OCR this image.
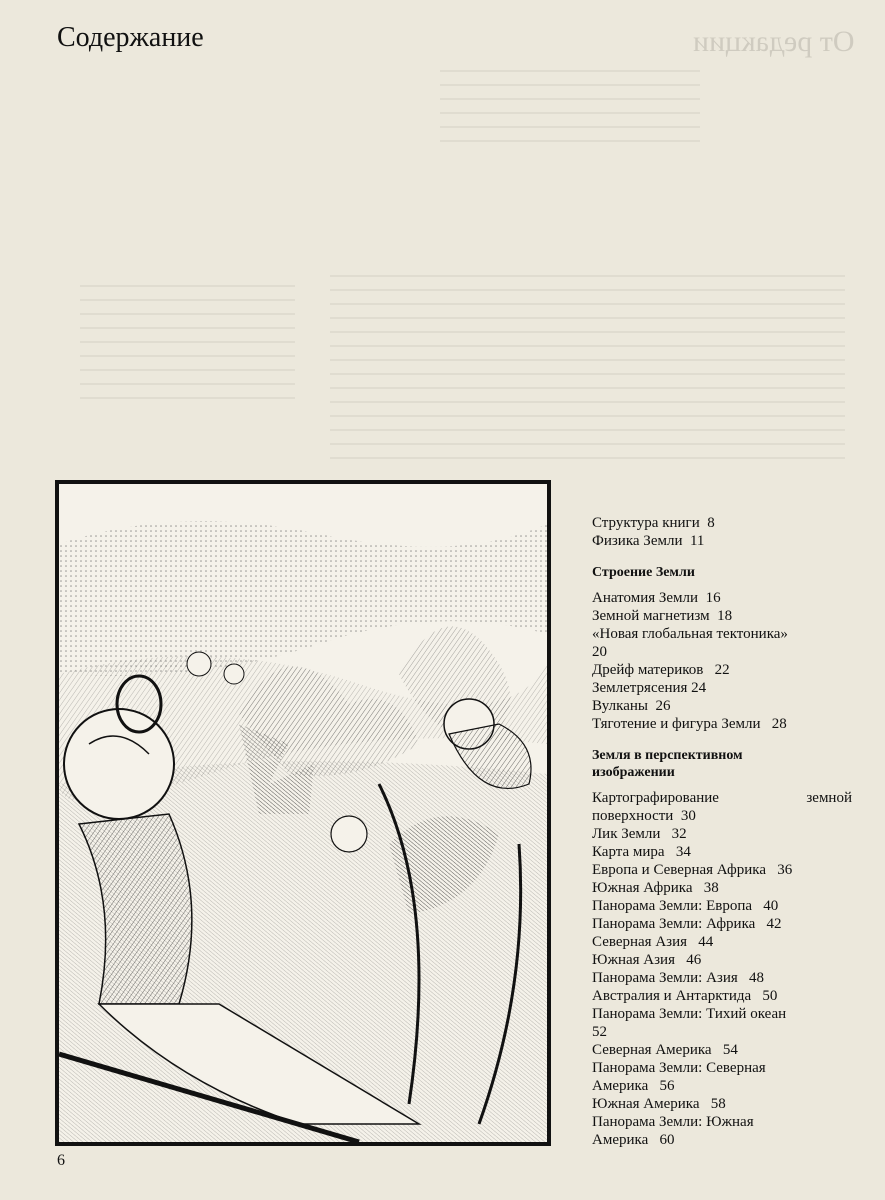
От редакции
Содержание

Структура книги 8

Физика Земли 11

Строение Земли

Анатомия Земли 16

Земной магнетизм 18

«Новая глобальная тектоника»
20

Дрейф материков 22

Землетрясения 24

Вулканы 26

Тяготение и фигура Земли 28

Земля в перспективном изображении

Картографирование земной поверхности 30

Лик Земли 32

Карта мира 34

Европа и Северная Африка 36

Южная Африка 38

Панорама Земли: Европа 40

Панорама Земли: Африка 42

Северная Азия 44

Южная Азия 46

Панорама Земли: Азия 48

Австралия и Антарктида 50

Панорама Земли: Тихий океан
52

Северная Америка 54

Панорама Земли: Северная Америка 56

Южная Америка 58

Панорама Земли: Южная Америка 60

6
